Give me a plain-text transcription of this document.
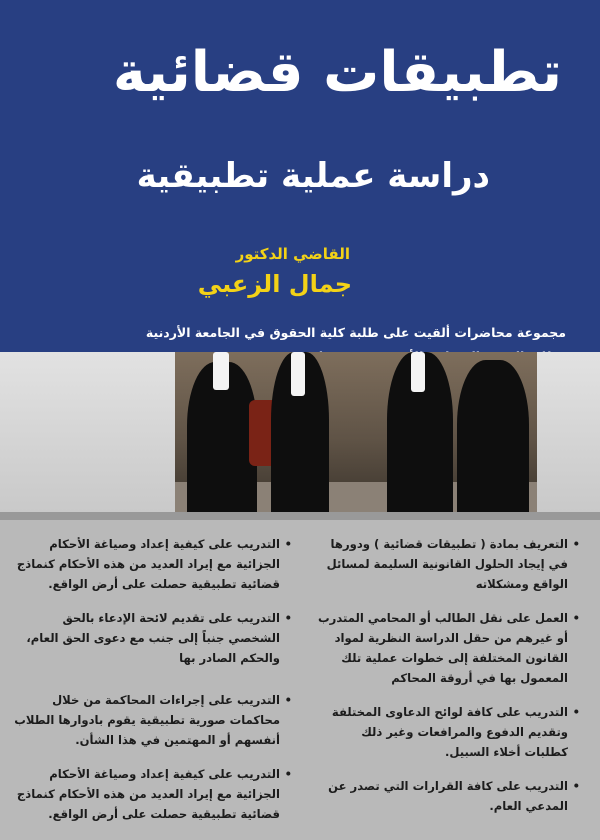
تطبيقات قضائية
دراسة عملية تطبيقية
القاضي الدكتور
جمال الزعبي
مجموعة محاضرات ألقيت على طلبة كلية الحقوق في الجامعة الأردنية
• التعريف بمادة ( تطبيقات قضائية ) ودورها في إيجاد الحلول القانونية السليمة لمسائل الواقع ومشكلاته
• العمل على نقل الطالب أو المحامي المتدرب أو غيرهم من حقل الدراسة النظرية لمواد القانون المختلفة إلى خطوات عملية تلك المعمول بها في أروقة المحاكم
• التدريب على كافة لوائح الدعاوى المختلفة وتقديم الدفوع والمرافعات وغير ذلك كطلبات أخلاء السبيل.
• التدريب على كافة القرارات التي تصدر عن المدعي العام.
• التدريب على كيفية إعداد وصياغة الأحكام الجزائية مع إيراد العديد من هذه الأحكام كنماذج قضائية تطبيقية حصلت على أرض الواقع.
• التدريب على تقديم لائحة الإدعاء بالحق الشخصي جنباً إلى جنب مع دعوى الحق العام، والحكم الصادر بها
• التدريب على إجراءات المحاكمة من خلال محاكمات صورية تطبيقية يقوم بادوارها الطلاب أنفسهم أو المهتمين في هذا الشأن.
• التدريب على كيفية إعداد وصياغة الأحكام الجزائية مع إيراد العديد من هذه الأحكام كنماذج قضائية تطبيقية حصلت على أرض الواقع.
